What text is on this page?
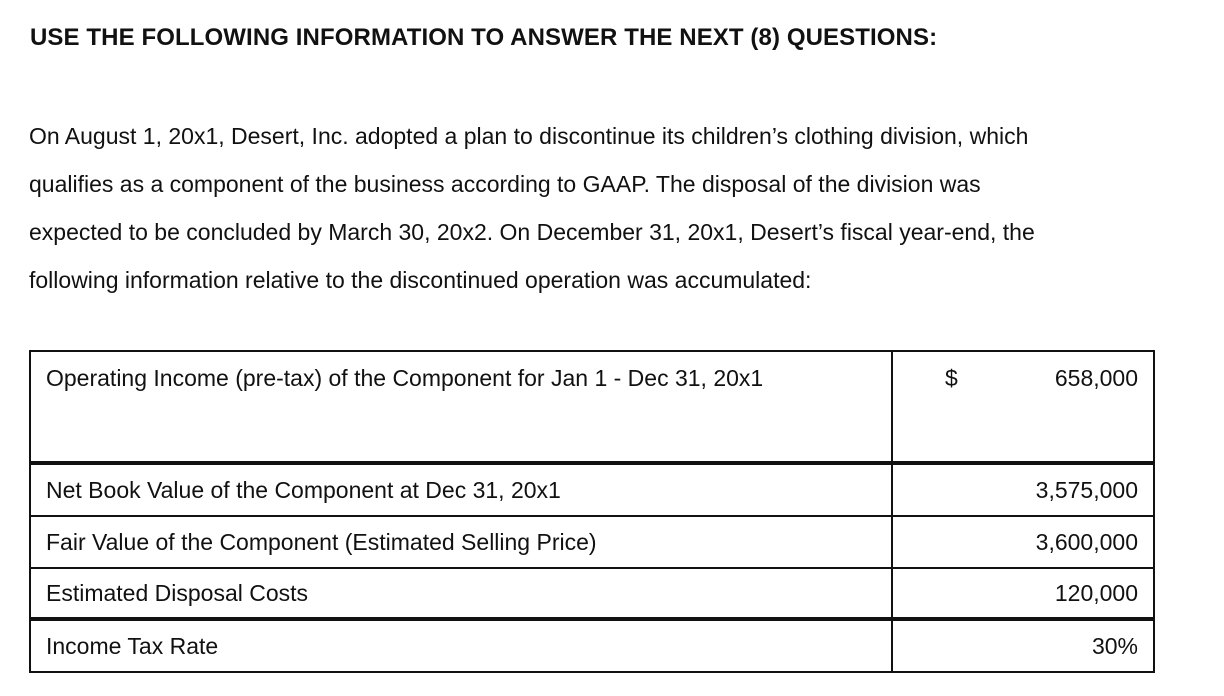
USE THE FOLLOWING INFORMATION TO ANSWER THE NEXT (8) QUESTIONS:
On August 1, 20x1, Desert, Inc. adopted a plan to discontinue its children’s clothing division, which
qualifies as a component of the business according to GAAP. The disposal of the division was
expected to be concluded by March 30, 20x2. On December 31, 20x1, Desert’s fiscal year-end, the
following information relative to the discontinued operation was accumulated:
Operating Income (pre-tax) of the Component for Jan 1 - Dec 31, 20x1	$ 658,000
Net Book Value of the Component at Dec 31, 20x1	3,575,000
Fair Value of the Component (Estimated Selling Price)	3,600,000
Estimated Disposal Costs	120,000
Income Tax Rate	30%
